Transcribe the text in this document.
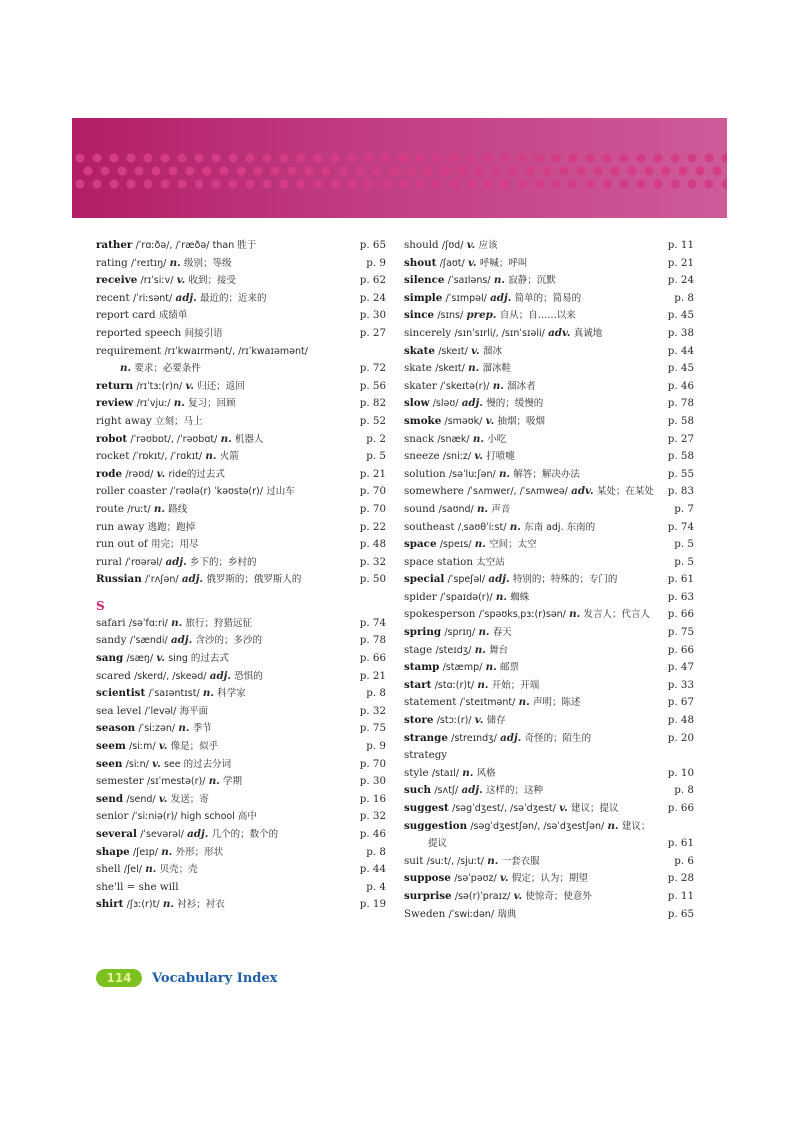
rather /ˈrɑːðə/, /ˈræðə/ than 胜于	p. 65
rating /ˈreɪtɪŋ/ n. 级别；等级	p. 9
receive /rɪˈsiːv/ v. 收到；接受	p. 62
recent /ˈriːsənt/ adj. 最近的；近来的	p. 24
report card 成绩单	p. 30
reported speech 间接引语	p. 27
requirement /rɪˈkwaɪrmənt/, /rɪˈkwaɪəmənt/
n. 要求；必要条件	p. 72
return /rɪˈtɜː(r)n/ v. 归还；返回	p. 56
review /rɪˈvjuː/ n. 复习；回顾	p. 82
right away 立刻；马上	p. 52
robot /ˈrəʊbɒt/, /ˈrəʊbɑt/ n. 机器人	p. 2
rocket /ˈrɒkɪt/, /ˈrɑkɪt/ n. 火箭	p. 5
rode /rəʊd/ v. ride的过去式	p. 21
roller coaster /ˈrəʊlə(r) ˈkəʊstə(r)/ 过山车	p. 70
route /ruːt/ n. 路线	p. 70
run away 逃跑；跑掉	p. 22
run out of 用完；用尽	p. 48
rural /ˈrʊərəl/ adj. 乡下的；乡村的	p. 32
Russian /ˈrʌʃən/ adj. 俄罗斯的；俄罗斯人的	p. 50
S
safari /səˈfɑːri/ n. 旅行；狩猎远征	p. 74
sandy /ˈsændi/ adj. 含沙的；多沙的	p. 78
sang /sæŋ/ v. sing 的过去式	p. 66
scared /skerd/, /skeəd/ adj. 恐惧的	p. 21
scientist /ˈsaɪəntɪst/ n. 科学家	p. 8
sea level /ˈlevəl/ 海平面	p. 32
season /ˈsiːzən/ n. 季节	p. 75
seem /siːm/ v. 像是；似乎	p. 9
seen /siːn/ v. see 的过去分词	p. 70
semester /sɪˈmestə(r)/ n. 学期	p. 30
send /send/ v. 发送；寄	p. 16
senior /ˈsiːniə(r)/ high school 高中	p. 32
several /ˈsevərəl/ adj. 几个的；数个的	p. 46
shape /ʃeɪp/ n. 外形；形状	p. 8
shell /ʃel/ n. 贝壳；壳	p. 44
she'll = she will	p. 4
shirt /ʃɜː(r)t/ n. 衬衫；衬衣	p. 19
should /ʃʊd/ v. 应该	p. 11
shout /ʃaʊt/ v. 呼喊；呼叫	p. 21
silence /ˈsaɪləns/ n. 寂静；沉默	p. 24
simple /ˈsɪmpəl/ adj. 简单的；简易的	p. 8
since /sɪns/ prep. 自从；自……以来	p. 45
sincerely /sɪnˈsɪrli/, /sɪnˈsɪəli/ adv. 真诚地	p. 38
skate /skeɪt/ v. 溜冰	p. 44
skate /skeɪt/ n. 溜冰鞋	p. 45
skater /ˈskeɪtə(r)/ n. 溜冰者	p. 46
slow /sləʊ/ adj. 慢的；缓慢的	p. 78
smoke /sməʊk/ v. 抽烟；吸烟	p. 58
snack /snæk/ n. 小吃	p. 27
sneeze /sniːz/ v. 打喷嚏	p. 58
solution /səˈluːʃən/ n. 解答；解决办法	p. 55
somewhere /ˈsʌmwer/, /ˈsʌmweə/ adv. 某处；在某处 p. 83
sound /saʊnd/ n. 声音	p. 7
southeast /ˌsaʊθˈiːst/ n. 东南 adj. 东南的	p. 74
space /speɪs/ n. 空间；太空	p. 5
space station 太空站	p. 5
special /ˈspeʃəl/ adj. 特别的；特殊的；专门的	p. 61
spider /ˈspaɪdə(r)/ n. 蜘蛛	p. 63
spokesperson /ˈspəʊksˌpɜː(r)sən/ n. 发言人；代言人 p. 66
spring /sprɪŋ/ n. 春天	p. 75
stage /steɪdʒ/ n. 舞台	p. 66
stamp /stæmp/ n. 邮票	p. 47
start /stɑː(r)t/ n. 开始；开端	p. 33
statement /ˈsteɪtmənt/ n. 声明；陈述	p. 67
store /stɔː(r)/ v. 储存	p. 48
strange /streɪndʒ/ adj. 奇怪的；陌生的	p. 20
strategy
style /staɪl/ n. 风格	p. 10
such /sʌtʃ/ adj. 这样的；这种	p. 8
suggest /səgˈdʒest/, /səˈdʒest/ v. 建议；提议	p. 66
suggestion /səgˈdʒestʃən/, /səˈdʒestʃən/ n. 建议；
提议	p. 61
suit /suːt/, /sjuːt/ n. 一套衣服	p. 6
suppose /səˈpəʊz/ v. 假定；认为；期望	p. 28
surprise /sə(r)ˈpraɪz/ v. 使惊奇；使意外	p. 11
Sweden /ˈswiːdən/ 瑞典	p. 65
114	Vocabulary Index
